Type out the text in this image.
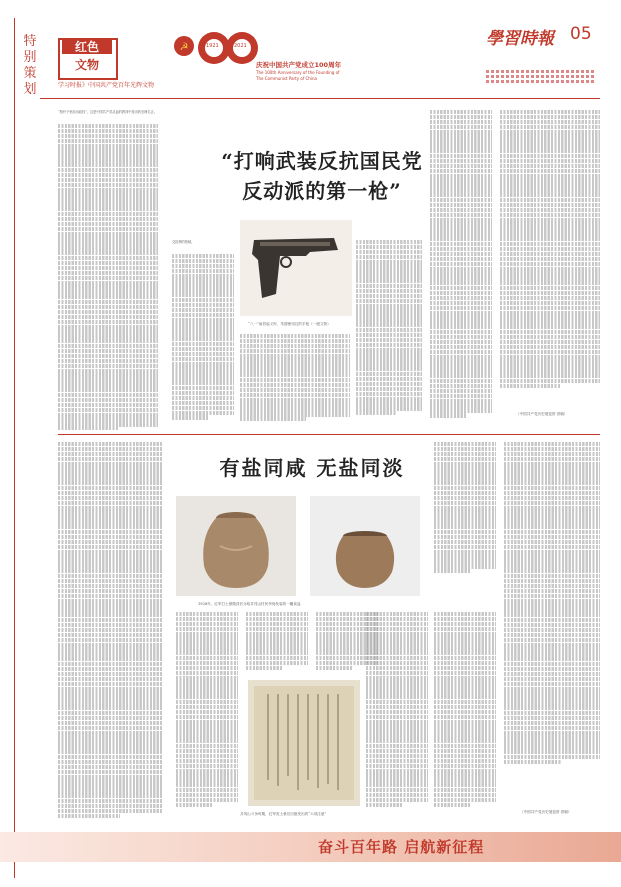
特别策划
红色
文物
学习时报》中国共产党百年光辉文物
☭	1921	2021
庆祝中国共产党成立100周年
The 100th Anniversary of the Founding of
The Communist Party of China
學習時報 05
“枪杆子里面出政权”，这是中国共产党从血的教训中得出的至理名言。
“打响武装反抗国民党
反动派的第一枪”
交指挥的枪械。
“八一”南昌起义时，朱德使用过的手枪（一级文物）
（中国共产党历史展览馆 供稿）
有盐同咸 无盐同淡
1928年，红军打土豪缴获后分给井冈山村民李尚发装的一罐食盐
井冈山斗争时期，红军发土豪后出版发出的“六项注意”	（中国共产党历史展览馆 供稿）
奋斗百年路 启航新征程
